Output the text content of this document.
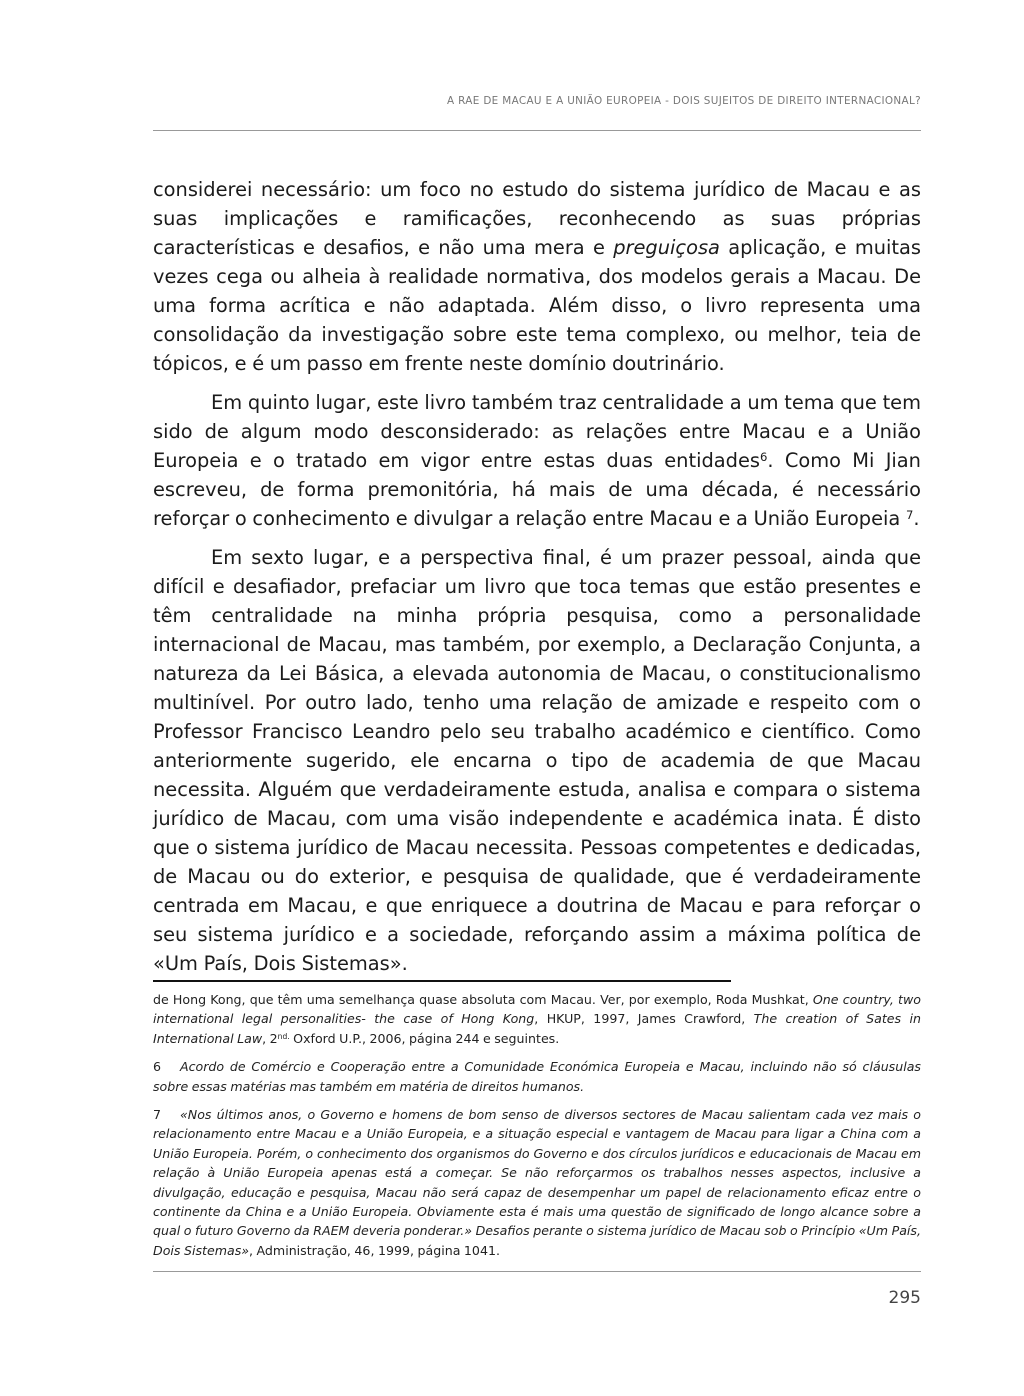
A RAE DE MACAU E A UNIÃO EUROPEIA - DOIS SUJEITOS DE DIREITO INTERNACIONAL?

considerei necessário: um foco no estudo do sistema jurídico de Macau e as suas implicações e ramificações, reconhecendo as suas próprias características e desafios, e não uma mera e preguiçosa aplicação, e muitas vezes cega ou alheia à realidade normativa, dos modelos gerais a Macau. De uma forma acrítica e não adaptada. Além disso, o livro representa uma consolidação da investigação sobre este tema complexo, ou melhor, teia de tópicos, e é um passo em frente neste domínio doutrinário.

Em quinto lugar, este livro também traz centralidade a um tema que tem sido de algum modo desconsiderado: as relações entre Macau e a União Europeia e o tratado em vigor entre estas duas entidades$^6$. Como Mi Jian escreveu, de forma premonitória, há mais de uma década, é necessário reforçar o conhecimento e divulgar a relação entre Macau e a União Europeia $^7$.

Em sexto lugar, e a perspectiva final, é um prazer pessoal, ainda que difícil e desafiador, prefaciar um livro que toca temas que estão presentes e têm centralidade na minha própria pesquisa, como a personalidade internacional de Macau, mas também, por exemplo, a Declaração Conjunta, a natureza da Lei Básica, a elevada autonomia de Macau, o constitucionalismo multinível. Por outro lado, tenho uma relação de amizade e respeito com o Professor Francisco Leandro pelo seu trabalho académico e científico. Como anteriormente sugerido, ele encarna o tipo de academia de que Macau necessita. Alguém que verdadeiramente estuda, analisa e compara o sistema jurídico de Macau, com uma visão independente e académica inata. É disto que o sistema jurídico de Macau necessita. Pessoas competentes e dedicadas, de Macau ou do exterior, e pesquisa de qualidade, que é verdadeiramente centrada em Macau, e que enriquece a doutrina de Macau e para reforçar o seu sistema jurídico e a sociedade, reforçando assim a máxima política de «Um País, Dois Sistemas».

de Hong Kong, que têm uma semelhança quase absoluta com Macau. Ver, por exemplo, Roda Mushkat, One country, two international legal personalities- the case of Hong Kong, HKUP, 1997, James Crawford, The creation of Sates in International Law, $2^{nd.}$ Oxford U.P., 2006, página 244 e seguintes.

6 Acordo de Comércio e Cooperação entre a Comunidade Económica Europeia e Macau, incluindo não só cláusulas sobre essas matérias mas também em matéria de direitos humanos.

7 «Nos últimos anos, o Governo e homens de bom senso de diversos sectores de Macau salientam cada vez mais o relacionamento entre Macau e a União Europeia, e a situação especial e vantagem de Macau para ligar a China com a União Europeia. Porém, o conhecimento dos organismos do Governo e dos círculos jurídicos e educacionais de Macau em relação à União Europeia apenas está a começar. Se não reforçarmos os trabalhos nesses aspectos, inclusive a divulgação, educação e pesquisa, Macau não será capaz de desempenhar um papel de relacionamento eficaz entre o continente da China e a União Europeia. Obviamente esta é mais uma questão de significado de longo alcance sobre a qual o futuro Governo da RAEM deveria ponderar.» Desafios perante o sistema jurídico de Macau sob o Princípio «Um País, Dois Sistemas», Administração, 46, 1999, página 1041.

295
